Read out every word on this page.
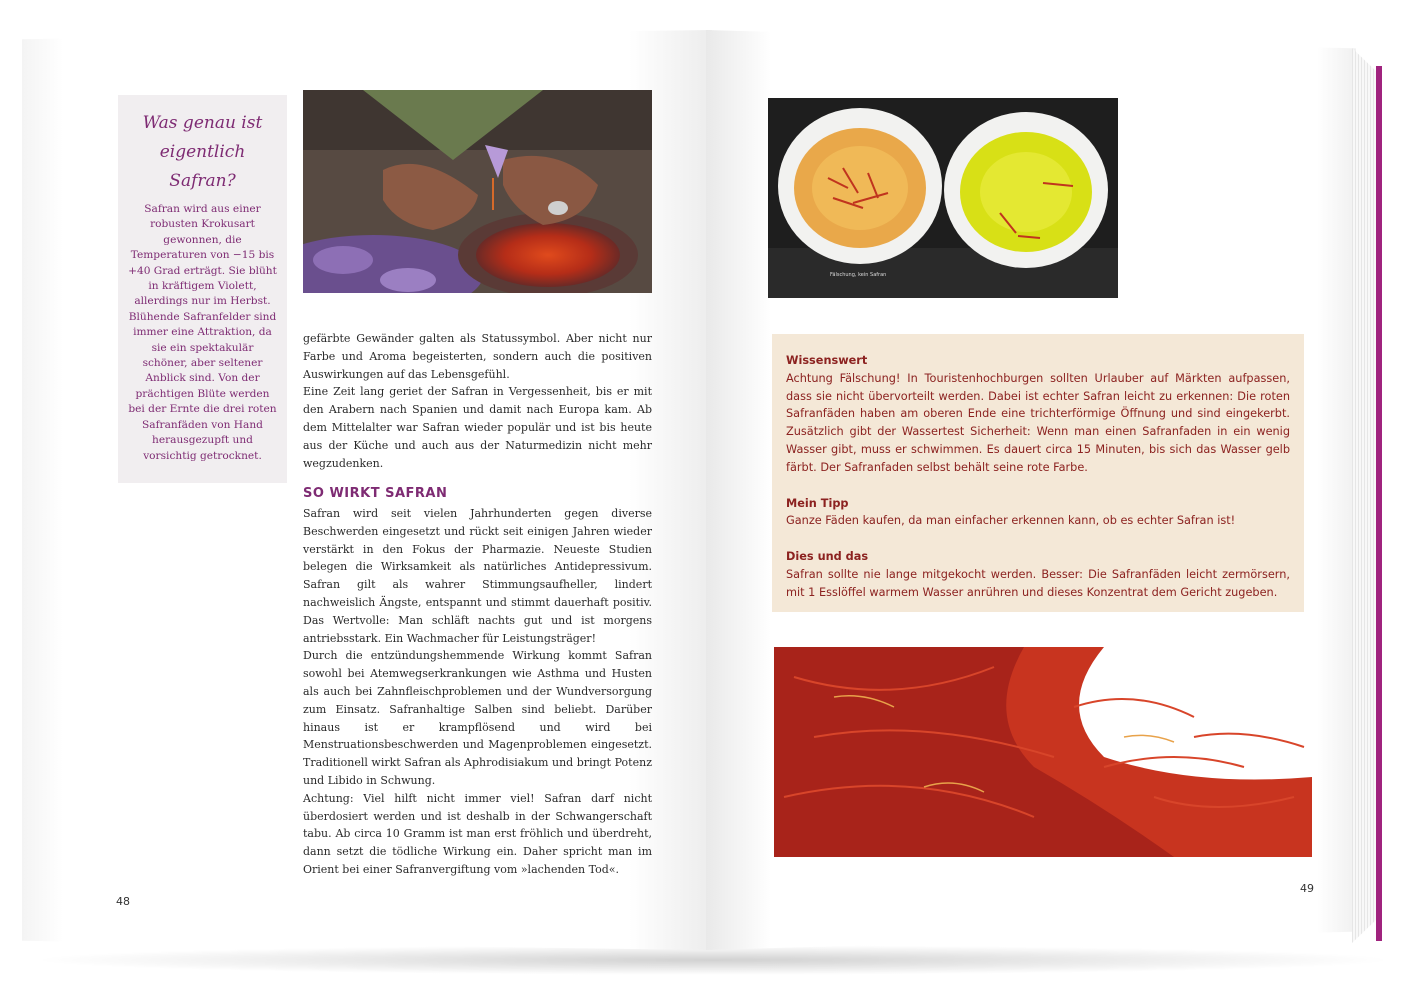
Was genau ist
eigentlich Safran?

Safran wird aus einer robusten Krokusart gewonnen, die Temperaturen von −15 bis +40 Grad erträgt. Sie blüht in kräftigem Violett, allerdings nur im Herbst. Blühende Safranfelder sind immer eine Attraktion, da sie ein spektakulär schöner, aber seltener Anblick sind. Von der prächtigen Blüte werden bei der Ernte die drei roten Safranfäden von Hand herausgezupft und vorsichtig getrocknet.

gefärbte Gewänder galten als Statussymbol. Aber nicht nur Farbe und Aroma begeisterten, sondern auch die positiven Auswirkungen auf das Lebensgefühl.

Eine Zeit lang geriet der Safran in Vergessenheit, bis er mit den Arabern nach Spanien und damit nach Europa kam. Ab dem Mittelalter war Safran wieder populär und ist bis heute aus der Küche und auch aus der Naturmedizin nicht mehr wegzudenken.

SO WIRKT SAFRAN

Safran wird seit vielen Jahrhunderten gegen diverse Beschwerden eingesetzt und rückt seit einigen Jahren wieder verstärkt in den Fokus der Pharmazie. Neueste Studien belegen die Wirksamkeit als natürliches Antidepressivum. Safran gilt als wahrer Stimmungsaufheller, lindert nachweislich Ängste, entspannt und stimmt dauerhaft positiv. Das Wertvolle: Man schläft nachts gut und ist morgens antriebsstark. Ein Wachmacher für Leistungsträger!

Durch die entzündungshemmende Wirkung kommt Safran sowohl bei Atemwegserkrankungen wie Asthma und Husten als auch bei Zahnfleischproblemen und der Wundversorgung zum Einsatz. Safranhaltige Salben sind beliebt. Darüber hinaus ist er krampflösend und wird bei Menstruationsbeschwerden und Magenproblemen eingesetzt. Traditionell wirkt Safran als Aphrodisiakum und bringt Potenz und Libido in Schwung.

Achtung: Viel hilft nicht immer viel! Safran darf nicht überdosiert werden und ist deshalb in der Schwangerschaft tabu. Ab circa 10 Gramm ist man erst fröhlich und überdreht, dann setzt die tödliche Wirkung ein. Daher spricht man im Orient bei einer Safranvergiftung vom »lachenden Tod«.

48
Fälschung, kein Safran
Wissenswert
Achtung Fälschung! In Touristenhochburgen sollten Urlauber auf Märkten aufpassen, dass sie nicht übervorteilt werden. Dabei ist echter Safran leicht zu erkennen: Die roten Safranfäden haben am oberen Ende eine trichterförmige Öffnung und sind eingekerbt. Zusätzlich gibt der Wassertest Sicherheit: Wenn man einen Safranfaden in ein wenig Wasser gibt, muss er schwimmen. Es dauert circa 15 Minuten, bis sich das Wasser gelb färbt. Der Safranfaden selbst behält seine rote Farbe.
Mein Tipp
Ganze Fäden kaufen, da man einfacher erkennen kann, ob es echter Safran ist!
Dies und das
Safran sollte nie lange mitgekocht werden. Besser: Die Safranfäden leicht zermörsern, mit 1 Esslöffel warmem Wasser anrühren und dieses Konzentrat dem Gericht zugeben.
49
